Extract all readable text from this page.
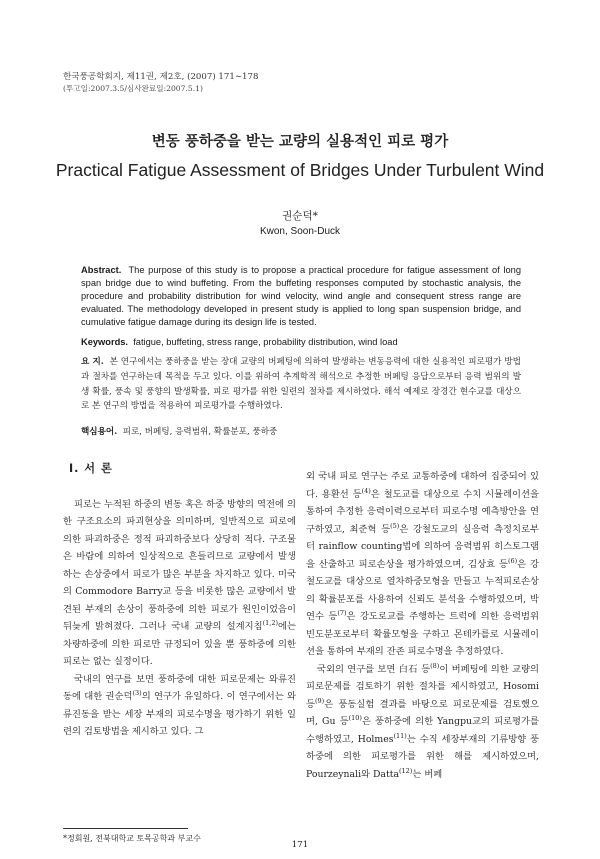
한국풍공학회지, 제11권, 제2호, (2007) 171∼178
(투고일:2007.3.5/심사완료일:2007.5.1)
변동 풍하중을 받는 교량의 실용적인 피로 평가
Practical Fatigue Assessment of Bridges Under Turbulent Wind
권순덕*
Kwon, Soon-Duck
Abstract. The purpose of this study is to propose a practical procedure for fatigue assessment of long span bridge due to wind buffeting. From the buffeting responses computed by stochastic analysis, the procedure and probability distribution for wind velocity, wind angle and consequent stress range are evaluated. The methodology developed in present study is applied to long span suspension bridge, and cumulative fatigue damage during its design life is tested.
Keywords. fatigue, buffeting, stress range, probability distribution, wind load
요 지. 본 연구에서는 풍하중을 받는 장대 교량의 버페팅에 의하여 발생하는 변동응력에 대한 실용적인 피로평가 방법과 절차를 연구하는데 목적을 두고 있다. 이를 위하여 추계학적 해석으로 추정한 버페팅 응답으로부터 응력 범위의 발생 확률, 풍속 및 풍향의 발생확률, 피로 평가를 위한 일련의 절차를 제시하였다. 해석 예제로 장경간 현수교를 대상으로 본 연구의 방법을 적용하여 피로평가를 수행하였다.
핵심용어. 피로, 버페팅, 응력범위, 확률분포, 풍하중
I. 서 론

피로는 누적된 하중의 변동 혹은 하중 방향의 역전에 의한 구조요소의 파괴현상을 의미하며, 일반적으로 피로에 의한 파괴하중은 정적 파괴하중보다 상당히 적다. 구조물은 바람에 의하여 일상적으로 흔들리므로 교량에서 발생하는 손상중에서 피로가 많은 부분을 차지하고 있다. 미국의 Commodore Barry교 등을 비롯한 많은 교량에서 발견된 부재의 손상이 풍하중에 의한 피로가 원인이었음이 뒤늦게 밝혀졌다. 그러나 국내 교량의 설계지침$^{(1,2)}$에는 차량하중에 의한 피로만 규정되어 있을 뿐 풍하중에 의한 피로는 없는 실정이다.

국내의 연구를 보면 풍하중에 대한 피로문제는 와류진동에 대한 권순덕$^{(3)}$의 연구가 유일하다. 이 연구에서는 와류진동을 받는 세장 부재의 피로수명을 평가하기 위한 일련의 검토방법을 제시하고 있다. 그

외 국내 피로 연구는 주로 교통하중에 대하여 집중되어 있다. 용환선 등$^{(4)}$은 철도교를 대상으로 수치 시뮬레이션을 통하여 추정한 응력이력으로부터 피로수명 예측방안을 연구하였고, 최준혁 등$^{(5)}$은 강철도교의 실응력 측정치로부터 rainflow counting법에 의하여 응력범위 히스토그램을 산출하고 피로손상을 평가하였으며, 김상효 등$^{(6)}$은 강철도교를 대상으로 열차하중모형을 만들고 누적피로손상의 확률분포를 사용하여 신뢰도 분석을 수행하였으며, 박연수 등$^{(7)}$은 강도로교를 주행하는 트럭에 의한 응력범위빈도분포로부터 확률모형을 구하고 몬테카를로 시뮬레이션을 통하여 부재의 잔존 피로수명을 추정하였다.

국외의 연구를 보면 白石 등$^{(8)}$이 버페팅에 의한 교량의 피로문제를 검토하기 위한 절차를 제시하였고, Hosomi 등$^{(9)}$은 풍동실험 결과를 바탕으로 피로문제를 검토했으며, Gu 등$^{(10)}$은 풍하중에 의한 Yangpu교의 피로평가를 수행하였고, Holmes$^{(11)}$는 수직 세장부재의 기류방향 풍하중에 의한 피로평가를 위한 해를 제시하였으며, Pourzeynali와 Datta$^{(12)}$는 버페

*정회원, 전북대학교 토목공학과 부교수
171
